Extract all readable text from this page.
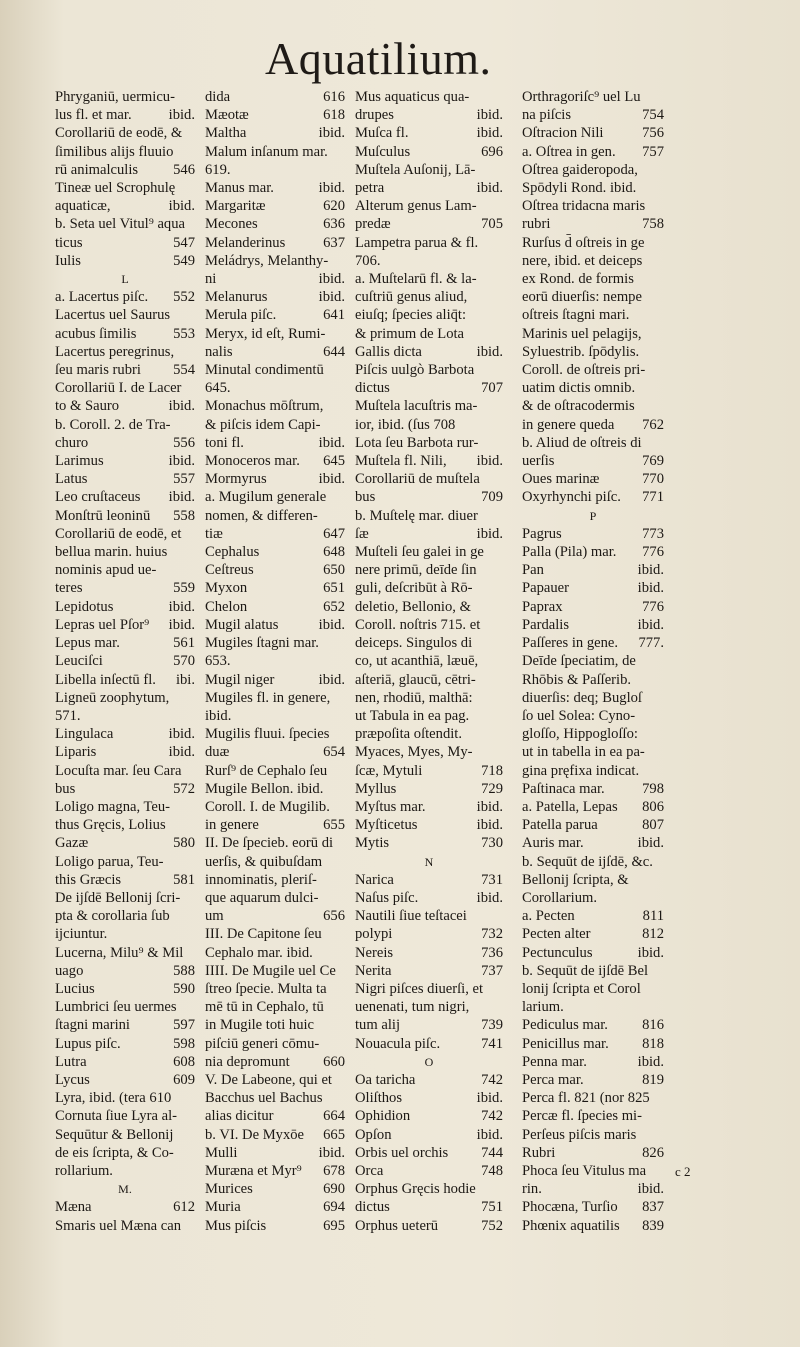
Aquatilium.
Phryganiū, uermicu-
lus fl. et mar.	ibid.
Corollariū de eodē, &
ſimilibus alijs fluuio
rū animalculis 546
Tineæ uel Scrophulę
aquaticæ,	ibid.
b. Seta uel Vitul⁹ aqua
ticus	547
Iulis	549
L
a. Lacertus piſc. 552
Lacertus uel Saurus
acubus ſimilis	553
Lacertus peregrinus,
ſeu maris rubri 554
Corollariū I. de Lacer
to & Sauro	ibid.
b. Coroll. 2. de Tra-
churo	556
Larimus	ibid.
Latus	557
Leo cruſtaceus ibid.
Monſtrū leoninū 558
Corollariū de eodē, et
bellua marin. huius
nominis apud ue-
teres	559
Lepidotus	ibid.
Lepras uel Pſor⁹ ibid.
Lepus mar.	561
Leuciſci	570
Libella inſectū fl. ibi.
Ligneū zoophytum,
571.
Lingulaca	ibid.
Liparis	ibid.
Locuſta mar. ſeu Cara
bus	572
Loligo magna, Teu-
thus Gręcis, Lolius
Gazæ	580
Loligo parua, Teu-
this Græcis	581
De ijſdē Bellonij ſcri-
pta & corollaria ſub
ijciuntur.
Lucerna, Milu⁹ & Mil
uago	588
Lucius	590
Lumbrici ſeu uermes
ſtagni marini	597
Lupus piſc.	598
Lutra	608
Lycus	609
Lyra, ibid. (tera 610
Cornuta ſiue Lyra al-
Sequūtur & Bellonij
de eis ſcripta, & Co-
rollarium.
M.
Mæna	612
Smaris uel Mæna can
dida	616
Mæotæ	618
Maltha	ibid.
Malum inſanum mar.
619.
Manus mar.	ibid.
Margaritæ	620
Mecones	636
Melanderinus	637
Meládrys, Melanthy-
ni	ibid.
Melanurus	ibid.
Merula piſc.	641
Meryx, id eſt, Rumi-
nalis	644
Minutal condimentū
645.
Monachus mōſtrum,
& piſcis idem Capi-
toni fl.	ibid.
Monoceros mar. 645
Mormyrus	ibid.
a. Mugilum generale
nomen, & differen-
tiæ	647
Cephalus	648
Ceſtreus	650
Myxon	651
Chelon	652
Mugil alatus	ibid.
Mugiles ſtagni mar.
653.
Mugil niger	ibid.
Mugiles fl. in genere,
ibid.
Mugilis fluui. ſpecies
duæ	654
Rurſ⁹ de Cephalo ſeu
Mugile Bellon. ibid.
Coroll. I. de Mugilib.
in genere	655
II. De ſpeciеb. eorū di
uerſis, & quibuſdam
innominatis, pleriſ-
que aquarum dulci-
um	656
III. De Capitone ſeu
Cephalo mar. ibid.
IIII. De Mugile uel Ce
ſtreo ſpecie. Multa ta
mē tū in Cephalo, tū
in Mugile toti huic
piſciū generi cōmu-
nia depromunt 660
V. De Labeone, qui et
Bacchus uel Bachus
alias dicitur	664
b. VI. De Myxōe 665
Mulli	ibid.
Muræna et Myr⁹ 678
Murices	690
Muria	694
Mus piſcis	695
Mus aquaticus qua-
drupes	ibid.
Muſca fl.	ibid.
Muſculus	696
Muſtela Auſonij, Lā-
petra	ibid.
Alterum genus Lam-
predæ	705
Lampetra parua & fl.
706.
a. Muſtelarū fl. & la-
cuſtriū genus aliud,
eiuſq; ſpecies aliq̄t:
& primum de Lota
Gallis dicta	ibid.
Piſcis uulgò Barbota
dictus	707
Muſtela lacuſtris ma-
ior, ibid. (ſus 708
Lota ſeu Barbota rur-
Muſtela fl. Nili, ibid.
Corollariū de muſtela
bus	709
b. Muſtelę mar. diuer
ſæ	ibid.
Muſteli ſeu galei in ge
nere primū, deīde ſin
guli, deſcribūt à Rō-
deletio, Bellonio, &
Coroll. noſtris 715. et
deiceps. Singulos di
co, ut acanthiā, læuē,
aſteriā, glaucū, cētri-
nen, rhodiū, malthā:
ut Tabula in ea pag.
præpoſita oſtendit.
Myaces, Myes, My-
ſcæ, Mytuli	718
Myllus	729
Myſtus mar.	ibid.
Myſticetus	ibid.
Mytis	730
N
Narica	731
Naſus piſc.	ibid.
Nautili ſiue teſtacei
polypi	732
Nereis	736
Nerita	737
Nigri piſces diuerſi, et
uenenati, tum nigri,
tum alij	739
Nouacula piſc.	741
O
Oa taricha	742
Oliſthos	ibid.
Ophidion	742
Opſon	ibid.
Orbis uel orchis 744
Orca	748
Orphus Gręcis hodie
dictus	751
Orphus ueterū	752
Orthragoriſc⁹ uel Lu
na piſcis	754
Oſtracion Nili	756
a. Oſtrea in gen. 757
Oſtrea gaideropoda,
Spōdyli Rond. ibid.
Oſtrea tridacna maris
rubri	758
Rurſus d̄ oſtreis in ge
nere, ibid. et deiceps
ex Rond. de formis
eorū diuerſis: nempe
oſtreis ſtagni mari.
Marinis uel pelagijs,
Syluestrib. ſpōdylis.
Coroll. de oſtreis pri-
uatim dictis omnib.
& de oſtracodermis
in genere queda 762
b. Aliud de oſtreis di
uerſis	769
Oues marinæ	770
Oxyrhynchi piſc. 771
P
Pagrus	773
Palla (Pila) mar. 776
Pan	ibid.
Papauer	ibid.
Paprax	776
Pardalis	ibid.
Paſſeres in gene. 777.
Deīde ſpeciatim, de
Rhōbis & Paſſerib.
diuerſis: deq; Bugloſ
ſo uel Solea: Cyno-
gloſſo, Hippogloſſo:
ut in tabella in ea pa-
gina pręfixa indicat.
Paſtinaca mar.	798
a. Patella, Lepas 806
Patella parua	807
Auris mar.	ibid.
b. Sequūt de ijſdē, &c.
Bellonij ſcripta, &
Corollarium.
a. Pecten	811
Pecten alter	812
Pectunculus	ibid.
b. Sequūt de ijſdē Bel
lonij ſcripta et Corol
larium.
Pediculus mar. 816
Penicillus mar. 818
Penna mar.	ibid.
Perca mar.	819
Perca fl. 821 (nor 825
Percæ fl. ſpecies mi-
Perſeus piſcis maris
Rubri	826
Phoca ſeu Vitulus ma
rin.	ibid.
Phocæna, Turſio 837
Phœnix aquatilis 839
c 2
